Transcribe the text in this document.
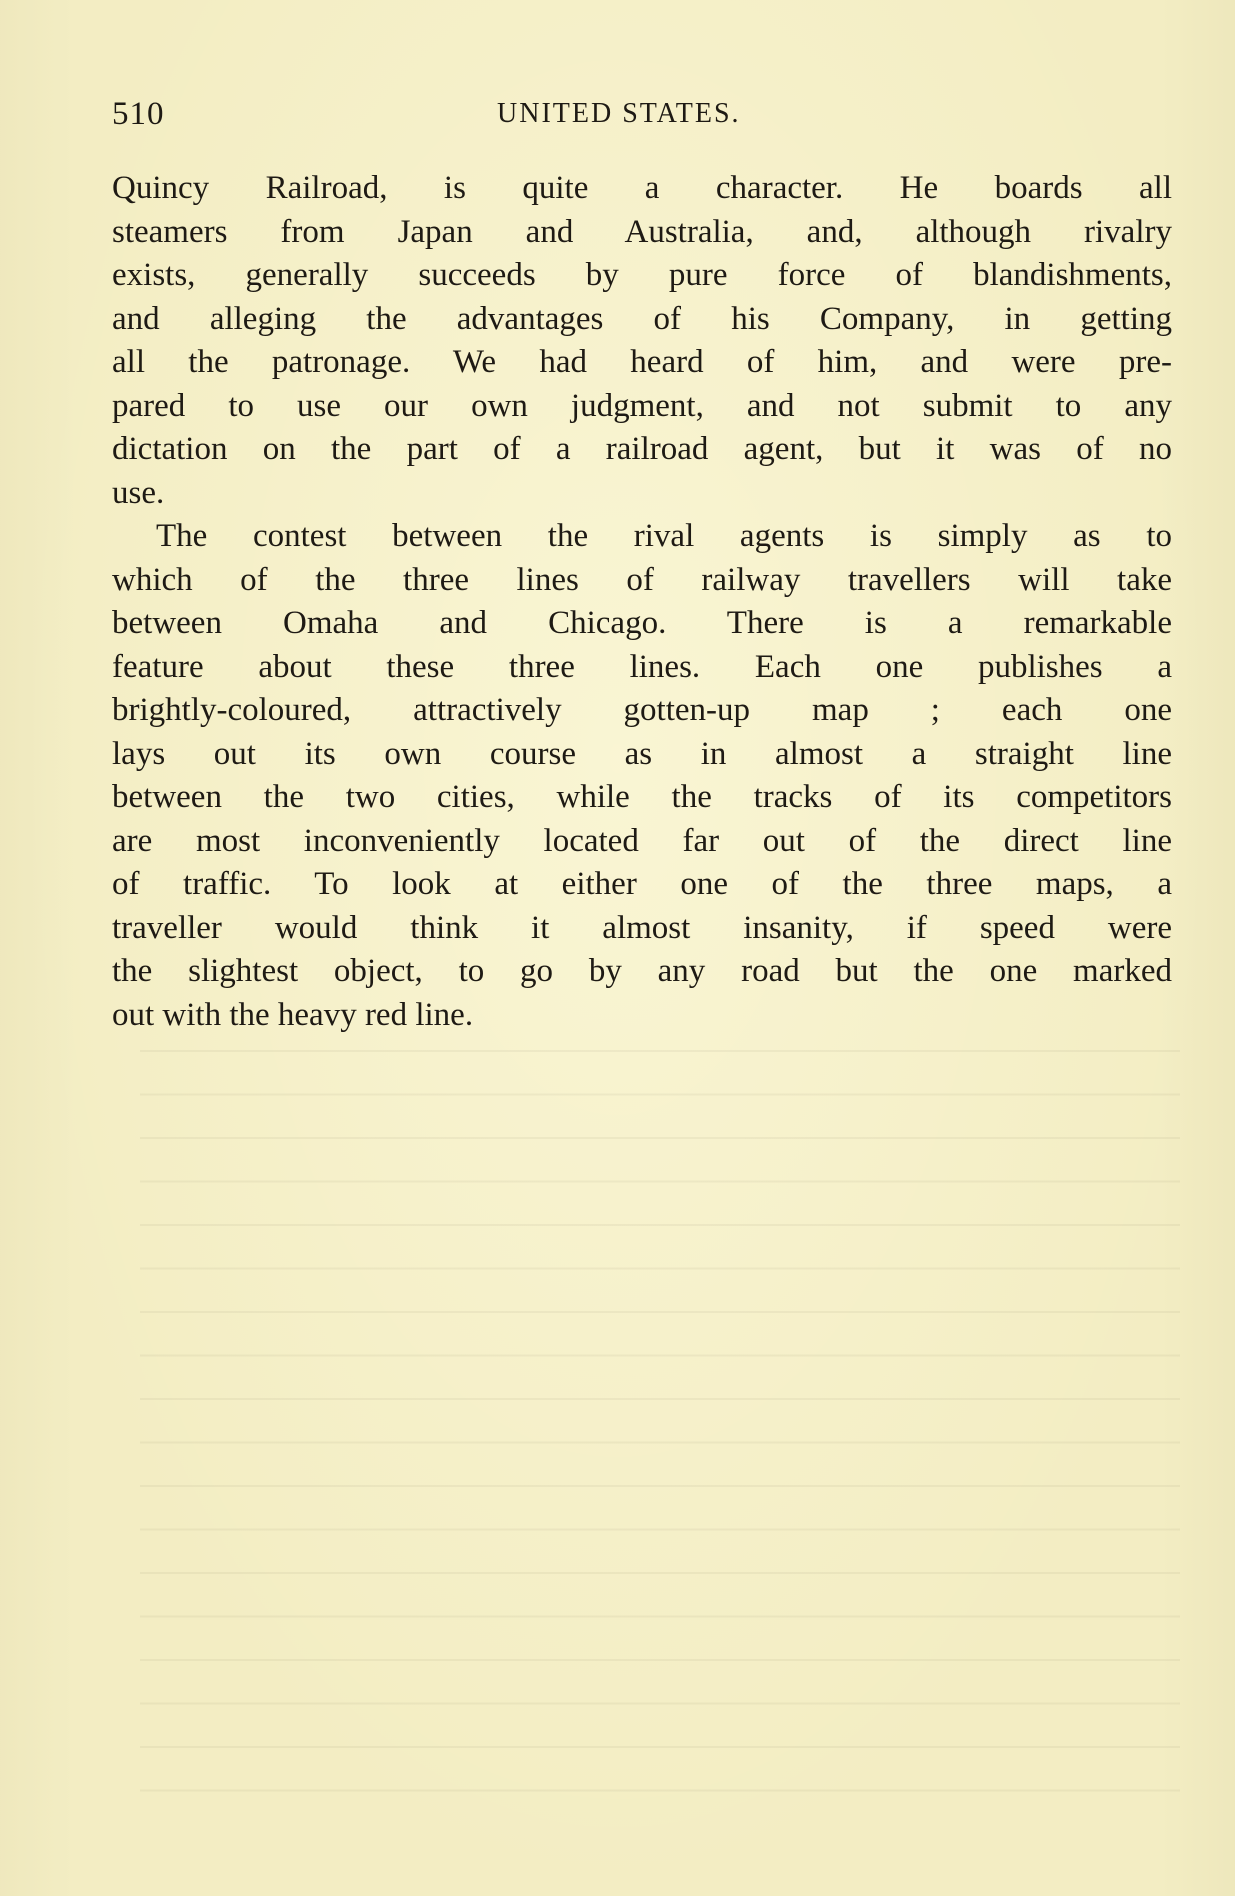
510	UNITED STATES.
Quincy Railroad, is quite a character. He boards all
steamers from Japan and Australia, and, although rivalry
exists, generally succeeds by pure force of blandishments,
and alleging the advantages of his Company, in getting
all the patronage. We had heard of him, and were pre-
pared to use our own judgment, and not submit to any
dictation on the part of a railroad agent, but it was of no
use.
The contest between the rival agents is simply as to
which of the three lines of railway travellers will take
between Omaha and Chicago. There is a remarkable
feature about these three lines. Each one publishes a
brightly-coloured, attractively gotten-up map ; each one
lays out its own course as in almost a straight line
between the two cities, while the tracks of its competitors
are most inconveniently located far out of the direct line
of traffic. To look at either one of the three maps, a
traveller would think it almost insanity, if speed were
the slightest object, to go by any road but the one marked
out with the heavy red line.
